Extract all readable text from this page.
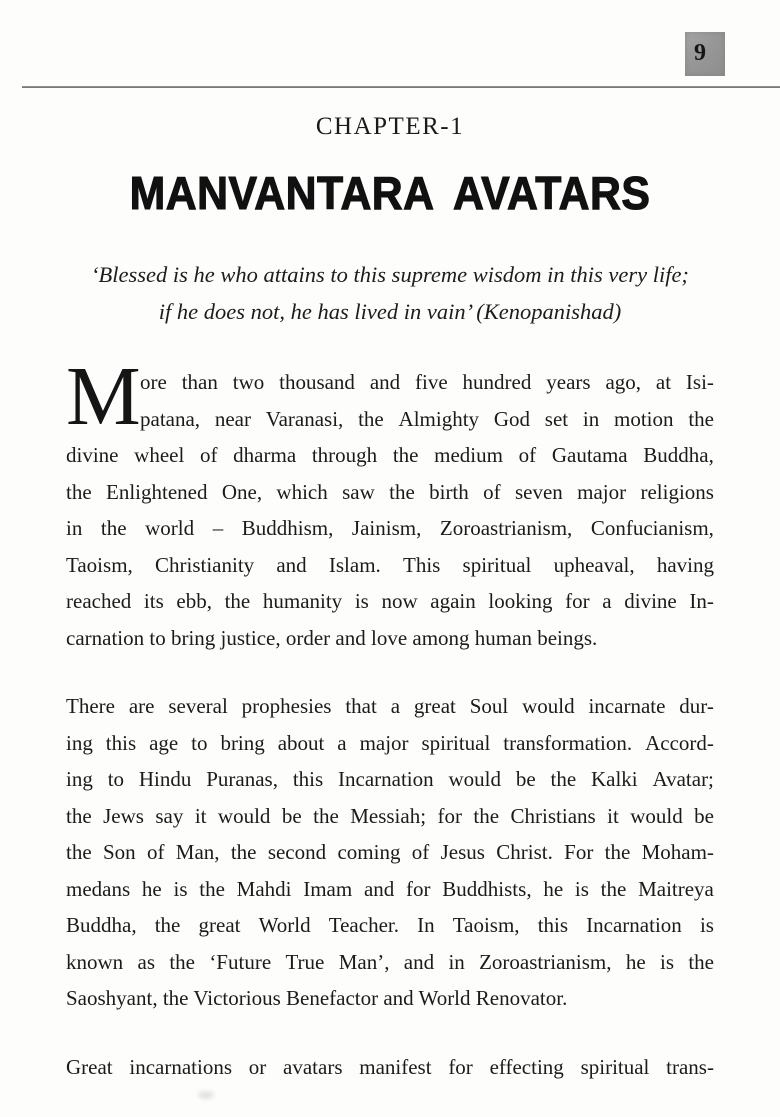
9
CHAPTER-1
MANVANTARA AVATARS
‘Blessed is he who attains to this supreme wisdom in this very life;
if he does not, he has lived in vain’ (Kenopanishad)
M ore than two thousand and five hundred years ago, at Isi-
patana, near Varanasi, the Almighty God set in motion the
divine wheel of dharma through the medium of Gautama Buddha,
the Enlightened One, which saw the birth of seven major religions
in the world – Buddhism, Jainism, Zoroastrianism, Confucianism,
Taoism, Christianity and Islam. This spiritual upheaval, having
reached its ebb, the humanity is now again looking for a divine In-
carnation to bring justice, order and love among human beings.
There are several prophesies that a great Soul would incarnate dur-
ing this age to bring about a major spiritual transformation. Accord-
ing to Hindu Puranas, this Incarnation would be the Kalki Avatar;
the Jews say it would be the Messiah; for the Christians it would be
the Son of Man, the second coming of Jesus Christ. For the Moham-
medans he is the Mahdi Imam and for Buddhists, he is the Maitreya
Buddha, the great World Teacher. In Taoism, this Incarnation is
known as the ‘Future True Man’, and in Zoroastrianism, he is the
Saoshyant, the Victorious Benefactor and World Renovator.
Great incarnations or avatars manifest for effecting spiritual trans-
